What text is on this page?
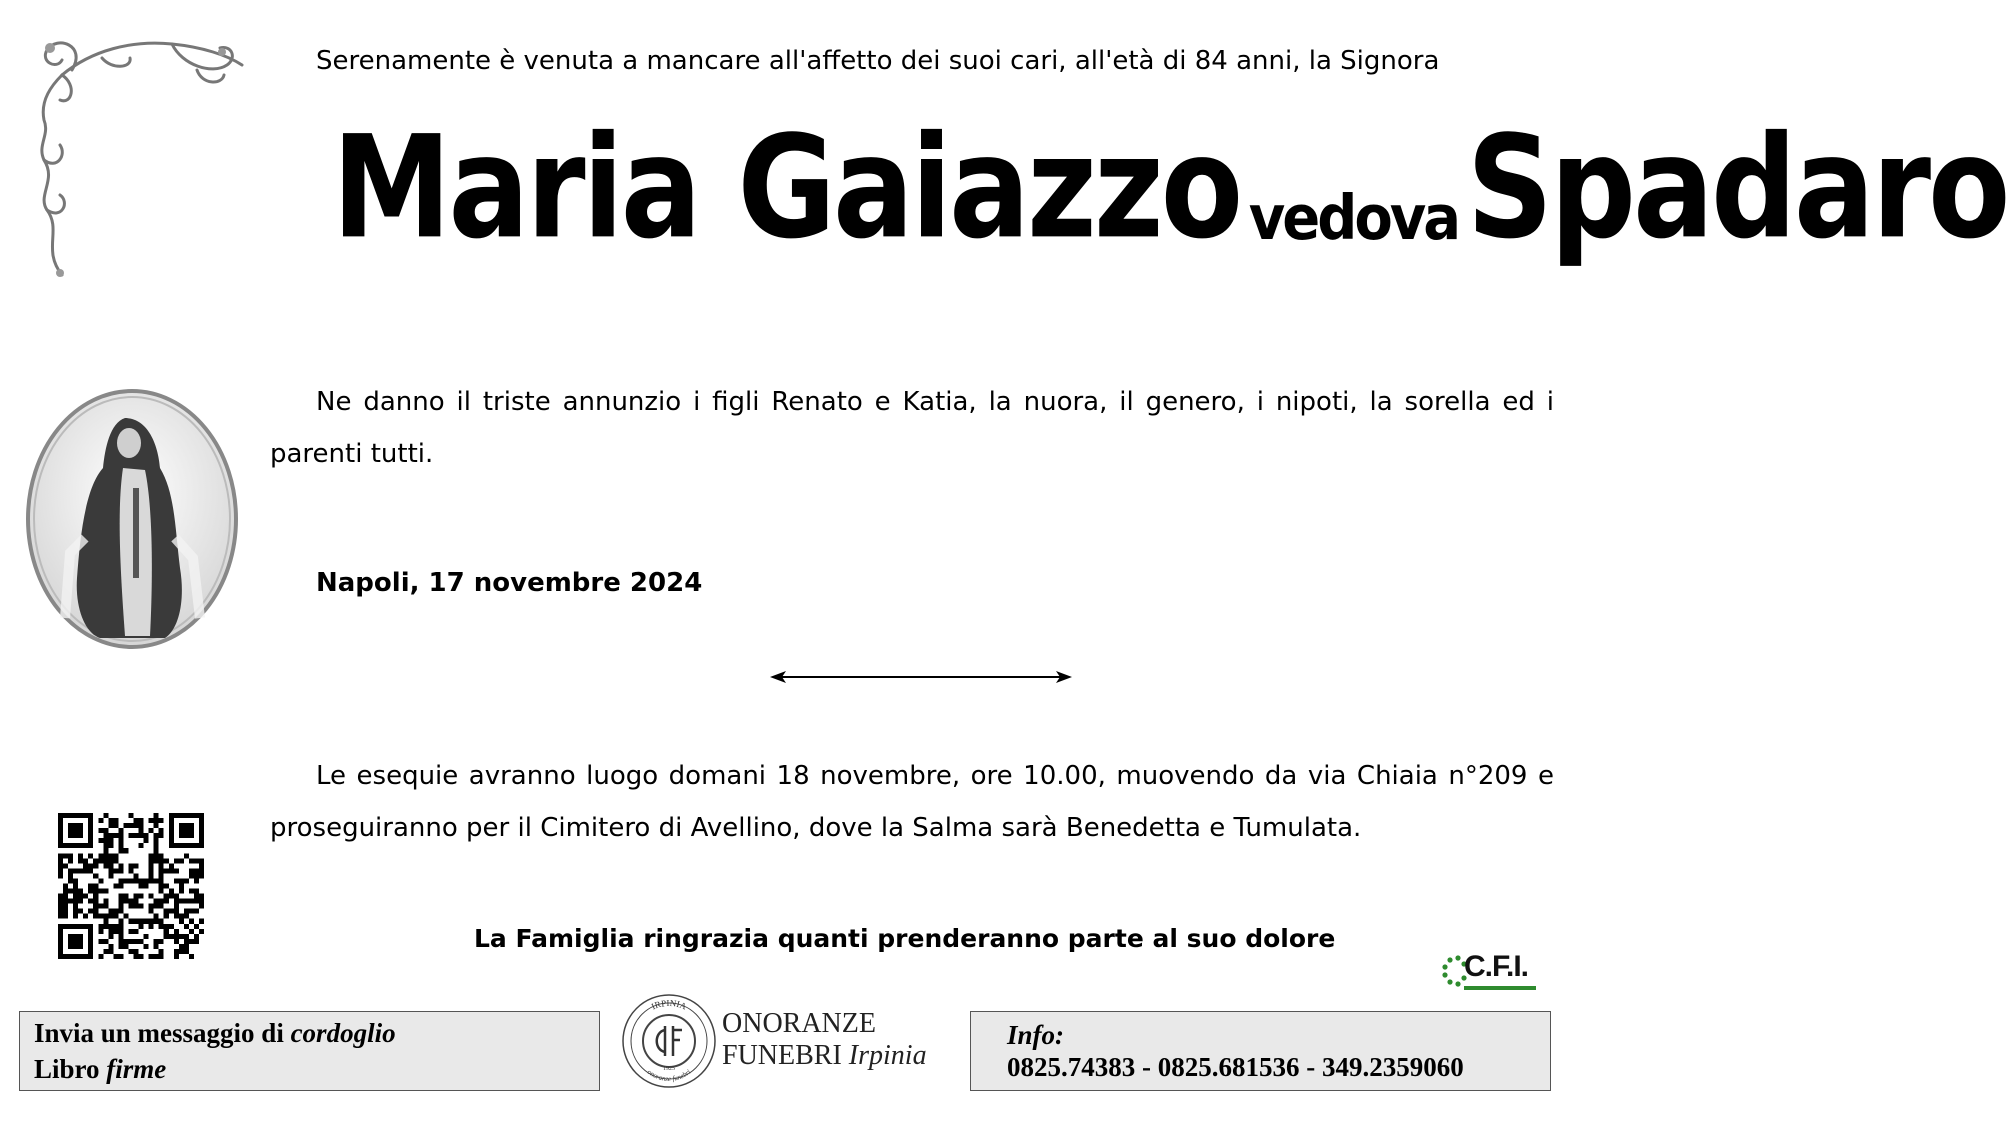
Serenamente è venuta a mancare all'affetto dei suoi cari, all'età di 84 anni, la Signora
Maria Gaiazzo vedova Spadaro
Ne danno il triste annunzio i figli Renato e Katia, la nuora, il genero, i nipoti, la sorella ed i parenti tutti.
Napoli, 17 novembre 2024
Le esequie avranno luogo domani 18 novembre, ore 10.00, muovendo da via Chiaia n°209 e proseguiranno per il Cimitero di Avellino, dove la Salma sarà Benedetta e Tumulata.
La Famiglia ringrazia quanti prenderanno parte al suo dolore
C.F.I.
Invia un messaggio di cordoglio
Libro firme
IRPINIA
onoranze funebri
1925
ONORANZE
FUNEBRI Irpinia
Info:
0825.74383 - 0825.681536 - 349.2359060
